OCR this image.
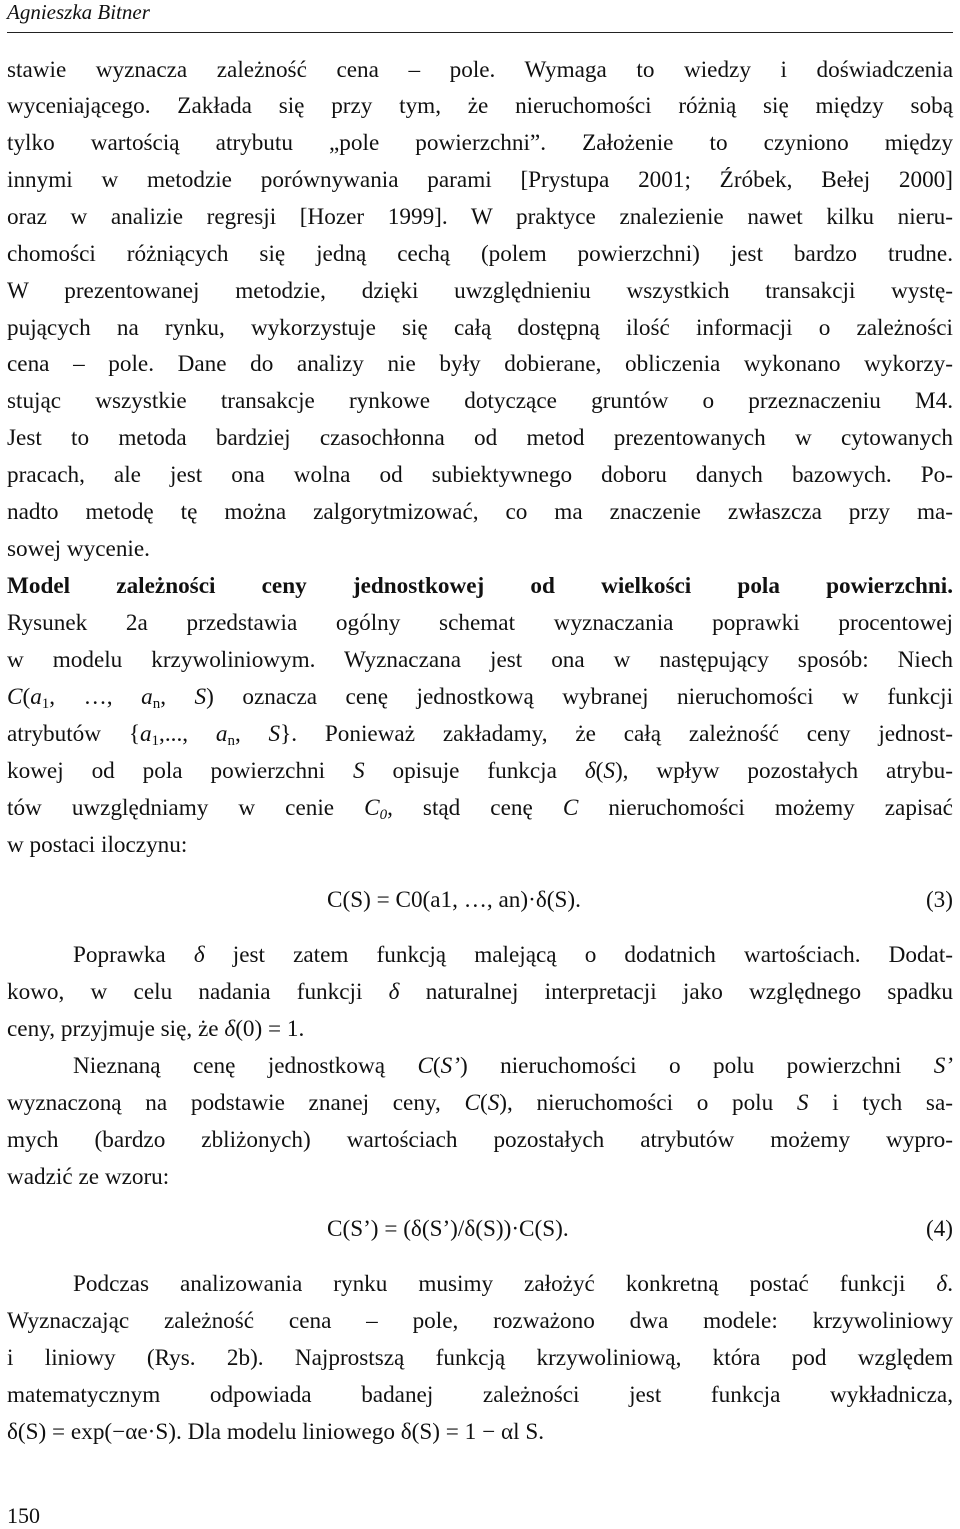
Agnieszka Bitner
stawie wyznacza zależność cena – pole. Wymaga to wiedzy i doświadczenia
wyceniającego. Zakłada się przy tym, że nieruchomości różnią się między sobą
tylko wartością atrybutu „pole powierzchni”. Założenie to czyniono między
innymi w metodzie porównywania parami [Prystupa 2001; Źróbek, Bełej 2000]
oraz w analizie regresji [Hozer 1999]. W praktyce znalezienie nawet kilku nieru-
chomości różniących się jedną cechą (polem powierzchni) jest bardzo trudne.
W prezentowanej metodzie, dzięki uwzględnieniu wszystkich transakcji wystę-
pujących na rynku, wykorzystuje się całą dostępną ilość informacji o zależności
cena – pole. Dane do analizy nie były dobierane, obliczenia wykonano wykorzy-
stując wszystkie transakcje rynkowe dotyczące gruntów o przeznaczeniu M4.
Jest to metoda bardziej czasochłonna od metod prezentowanych w cytowanych
pracach, ale jest ona wolna od subiektywnego doboru danych bazowych. Po-
nadto metodę tę można zalgorytmizować, co ma znaczenie zwłaszcza przy ma-
sowej wycenie.
Model zależności ceny jednostkowej od wielkości pola powierzchni.
Rysunek 2a przedstawia ogólny schemat wyznaczania poprawki procentowej
w modelu krzywoliniowym. Wyznaczana jest ona w następujący sposób: Niech
$C(a_1$, …, $a_n$, S) oznacza cenę jednostkową wybranej nieruchomości w funkcji
atrybutów {$a_1$,..., $a_n$, S}. Ponieważ zakładamy, że całą zależność ceny jednost-
kowej od pola powierzchni S opisuje funkcja δ(S), wpływ pozostałych atrybu-
tów uwzględniamy w cenie $C_0$, stąd cenę C nieruchomości możemy zapisać
w postaci iloczynu:
C(S) = C0(a1, …, an)·δ(S).	(3)
Poprawka δ jest zatem funkcją malejącą o dodatnich wartościach. Dodat-
kowo, w celu nadania funkcji δ naturalnej interpretacji jako względnego spadku
ceny, przyjmuje się, że δ(0) = 1.
Nieznaną cenę jednostkową C(S’) nieruchomości o polu powierzchni S’
wyznaczoną na podstawie znanej ceny, C(S), nieruchomości o polu S i tych sa-
mych (bardzo zbliżonych) wartościach pozostałych atrybutów możemy wypro-
wadzić ze wzoru:
C(S’) = (δ(S’)/δ(S))·C(S).	(4)
Podczas analizowania rynku musimy założyć konkretną postać funkcji δ.
Wyznaczając zależność cena – pole, rozważono dwa modele: krzywoliniowy
i liniowy (Rys. 2b). Najprostszą funkcją krzywoliniową, która pod względem
matematycznym odpowiada badanej zależności jest funkcja wykładnicza,
δ(S) = exp(−αe·S). Dla modelu liniowego δ(S) = 1 − αl S.
150
